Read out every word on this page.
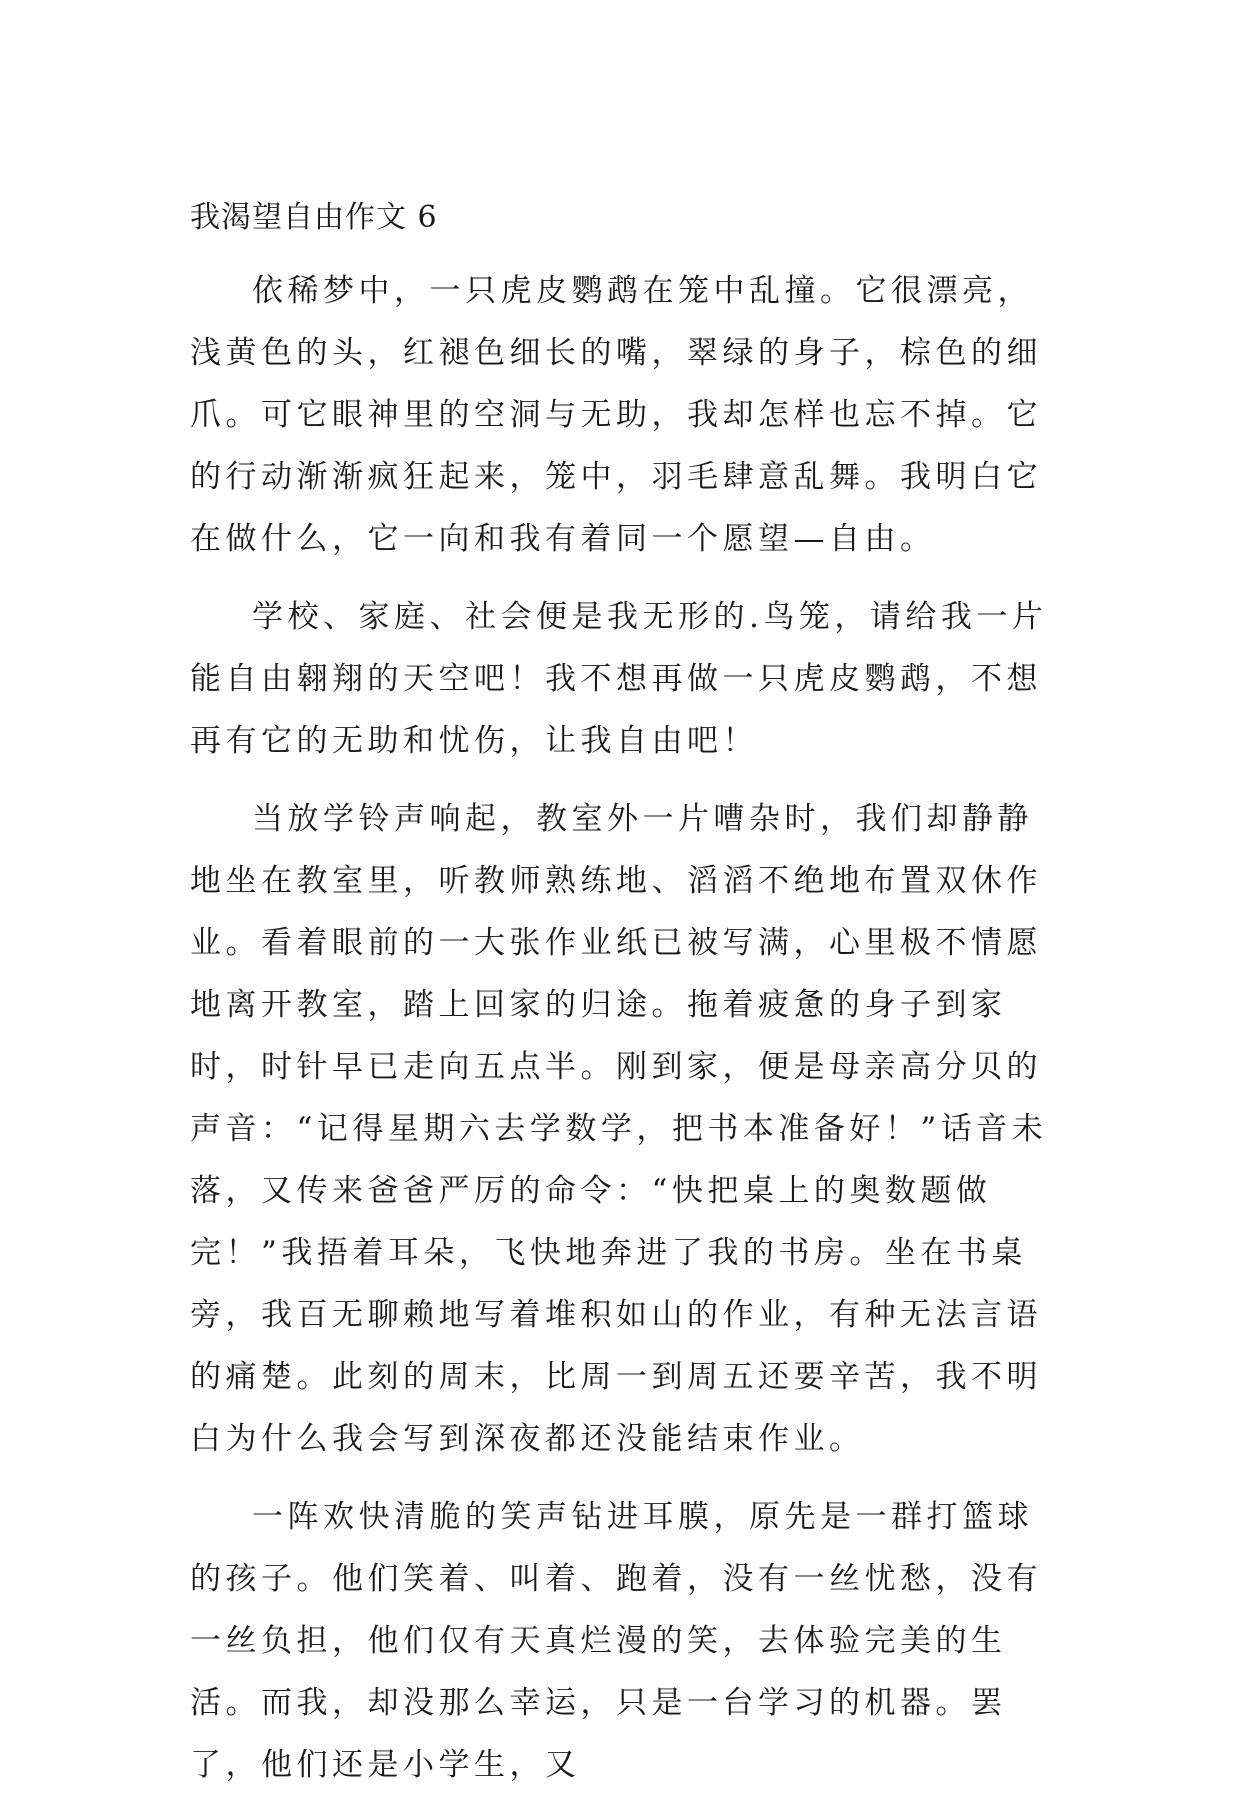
我渴望自由作文 6

依稀梦中，一只虎皮鹦鹉在笼中乱撞。它很漂亮，浅黄色的头，红褪色细长的嘴，翠绿的身子，棕色的细爪。可它眼神里的空洞与无助，我却怎样也忘不掉。它的行动渐渐疯狂起来，笼中，羽毛肆意乱舞。我明白它在做什么，它一向和我有着同一个愿望—自由。

学校、家庭、社会便是我无形的.鸟笼，请给我一片能自由翱翔的天空吧！我不想再做一只虎皮鹦鹉，不想再有它的无助和忧伤，让我自由吧！

当放学铃声响起，教室外一片嘈杂时，我们却静静地坐在教室里，听教师熟练地、滔滔不绝地布置双休作业。看着眼前的一大张作业纸已被写满，心里极不情愿地离开教室，踏上回家的归途。拖着疲惫的身子到家时，时针早已走向五点半。刚到家，便是母亲高分贝的声音：“记得星期六去学数学，把书本准备好！”话音未落，又传来爸爸严厉的命令：“快把桌上的奥数题做完！”我捂着耳朵，飞快地奔进了我的书房。坐在书桌旁，我百无聊赖地写着堆积如山的作业，有种无法言语的痛楚。此刻的周末，比周一到周五还要辛苦，我不明白为什么我会写到深夜都还没能结束作业。

一阵欢快清脆的笑声钻进耳膜，原先是一群打篮球的孩子。他们笑着、叫着、跑着，没有一丝忧愁，没有一丝负担，他们仅有天真烂漫的笑，去体验完美的生活。而我，却没那么幸运，只是一台学习的机器。罢了，他们还是小学生，又
